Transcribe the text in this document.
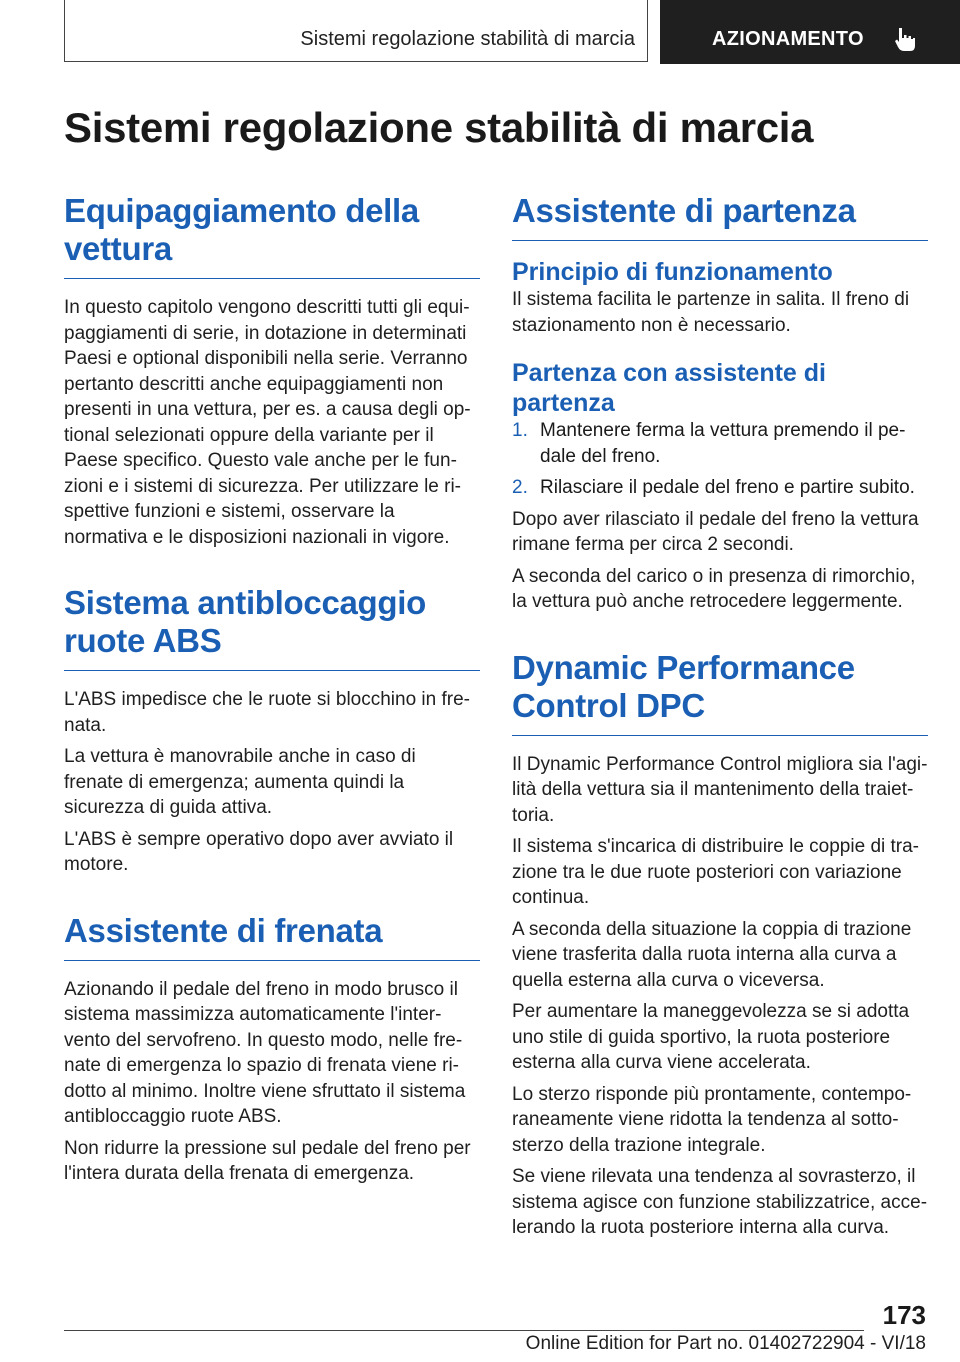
Sistemi regolazione stabilità di marcia	AZIONAMENTO
Sistemi regolazione stabilità di marcia
Equipaggiamento della vettura

In questo capitolo vengono descritti tutti gli equi-paggiamenti di serie, in dotazione in determinati Paesi e optional disponibili nella serie. Verranno pertanto descritti anche equipaggiamenti non presenti in una vettura, per es. a causa degli op-tional selezionati oppure della variante per il Paese specifico. Questo vale anche per le fun-zioni e i sistemi di sicurezza. Per utilizzare le ri-spettive funzioni e sistemi, osservare la normativa e le disposizioni nazionali in vigore.

Sistema antibloccaggio ruote ABS

L'ABS impedisce che le ruote si blocchino in fre-nata.

La vettura è manovrabile anche in caso di frenate di emergenza; aumenta quindi la sicurezza di guida attiva.

L'ABS è sempre operativo dopo aver avviato il motore.

Assistente di frenata

Azionando il pedale del freno in modo brusco il sistema massimizza automaticamente l'inter-vento del servofreno. In questo modo, nelle fre-nate di emergenza lo spazio di frenata viene ri-dotto al minimo. Inoltre viene sfruttato il sistema antibloccaggio ruote ABS.

Non ridurre la pressione sul pedale del freno per l'intera durata della frenata di emergenza.

Assistente di partenza
Principio di funzionamento

Il sistema facilita le partenze in salita. Il freno di stazionamento non è necessario.

Partenza con assistente di partenza
1. Mantenere ferma la vettura premendo il pe-dale del freno.
2. Rilasciare il pedale del freno e partire subito.

Dopo aver rilasciato il pedale del freno la vettura rimane ferma per circa 2 secondi.

A seconda del carico o in presenza di rimorchio, la vettura può anche retrocedere leggermente.

Dynamic Performance Control DPC

Il Dynamic Performance Control migliora sia l'agi-lità della vettura sia il mantenimento della traiet-toria.

Il sistema s'incarica di distribuire le coppie di tra-zione tra le due ruote posteriori con variazione continua.

A seconda della situazione la coppia di trazione viene trasferita dalla ruota interna alla curva a quella esterna alla curva o viceversa.

Per aumentare la maneggevolezza se si adotta uno stile di guida sportivo, la ruota posteriore esterna alla curva viene accelerata.

Lo sterzo risponde più prontamente, contempo-raneamente viene ridotta la tendenza al sotto-sterzo della trazione integrale.

Se viene rilevata una tendenza al sovrasterzo, il sistema agisce con funzione stabilizzatrice, acce-lerando la ruota posteriore interna alla curva.

173
Online Edition for Part no. 01402722904 - VI/18
